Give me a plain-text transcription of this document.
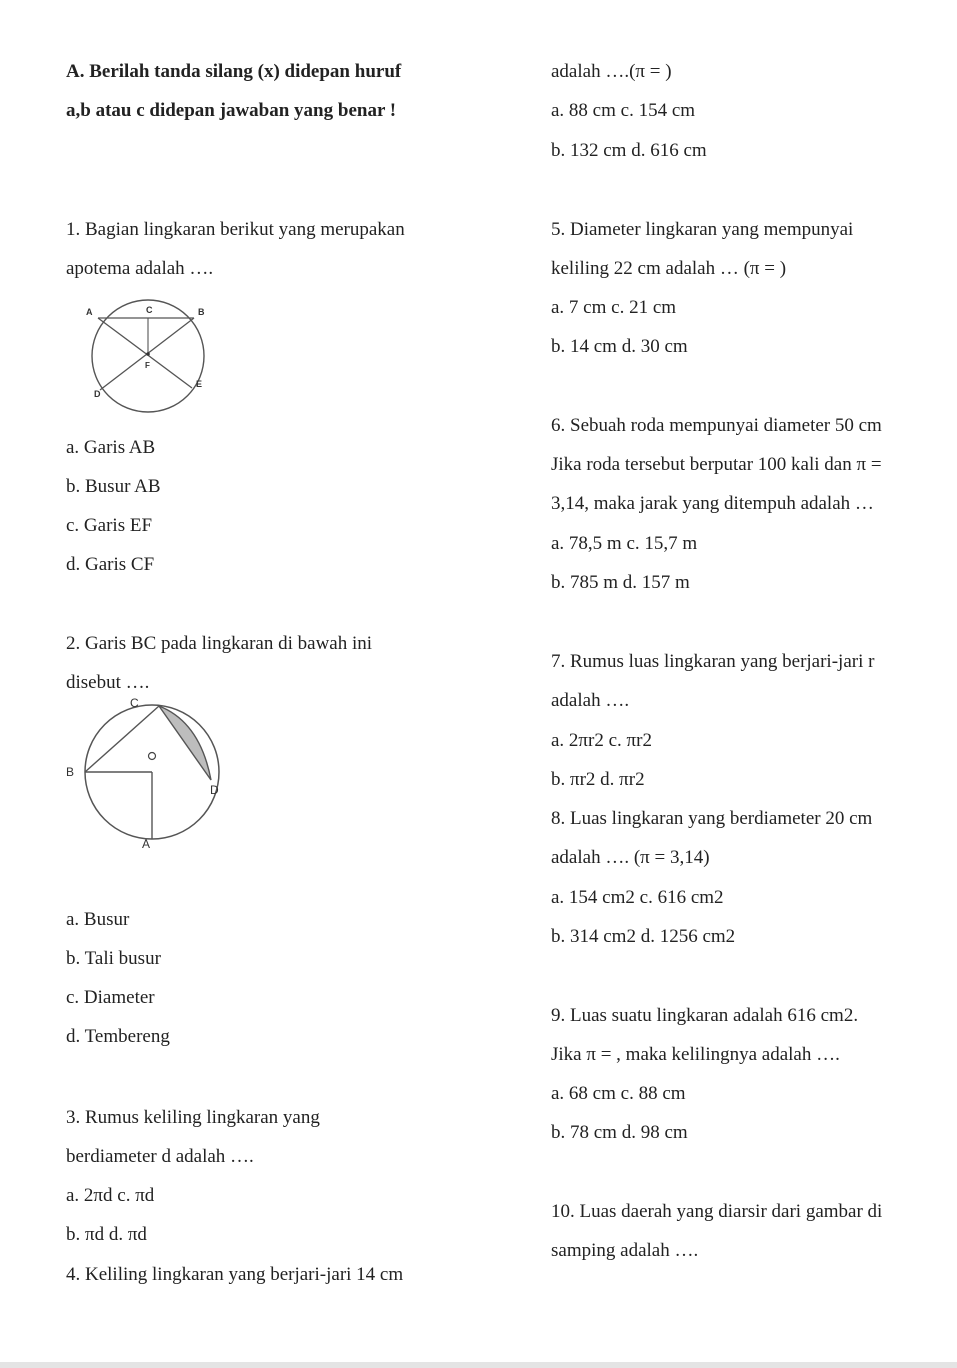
A. Berilah tanda silang (x) didepan huruf
a,b atau c didepan jawaban yang benar !
1. Bagian lingkaran berikut yang merupakan
apotema adalah ….
A	C	B
F
D
E
a. Garis AB
b. Busur AB
c. Garis EF
d. Garis CF
2. Garis BC pada lingkaran di bawah ini
disebut ….
C
B
D
A
a. Busur
b. Tali busur
c. Diameter
d. Tembereng
3. Rumus keliling lingkaran yang
berdiameter d adalah ….
a. 2πd c. πd
b. πd d. πd
4. Keliling lingkaran yang berjari-jari 14 cm
adalah ….(π = )
a. 88 cm c. 154 cm
b. 132 cm d. 616 cm
5. Diameter lingkaran yang mempunyai
keliling 22 cm adalah … (π = )
a. 7 cm c. 21 cm
b. 14 cm d. 30 cm
6. Sebuah roda mempunyai diameter 50 cm
Jika roda tersebut berputar 100 kali dan π =
3,14, maka jarak yang ditempuh adalah …
a. 78,5 m c. 15,7 m
b. 785 m d. 157 m
7. Rumus luas lingkaran yang berjari-jari r
adalah ….
a. 2πr2 c. πr2
b. πr2 d. πr2
8. Luas lingkaran yang berdiameter 20 cm
adalah …. (π = 3,14)
a. 154 cm2 c. 616 cm2
b. 314 cm2 d. 1256 cm2
9. Luas suatu lingkaran adalah 616 cm2.
Jika π = , maka kelilingnya adalah ….
a. 68 cm c. 88 cm
b. 78 cm d. 98 cm
10. Luas daerah yang diarsir dari gambar di
samping adalah ….
